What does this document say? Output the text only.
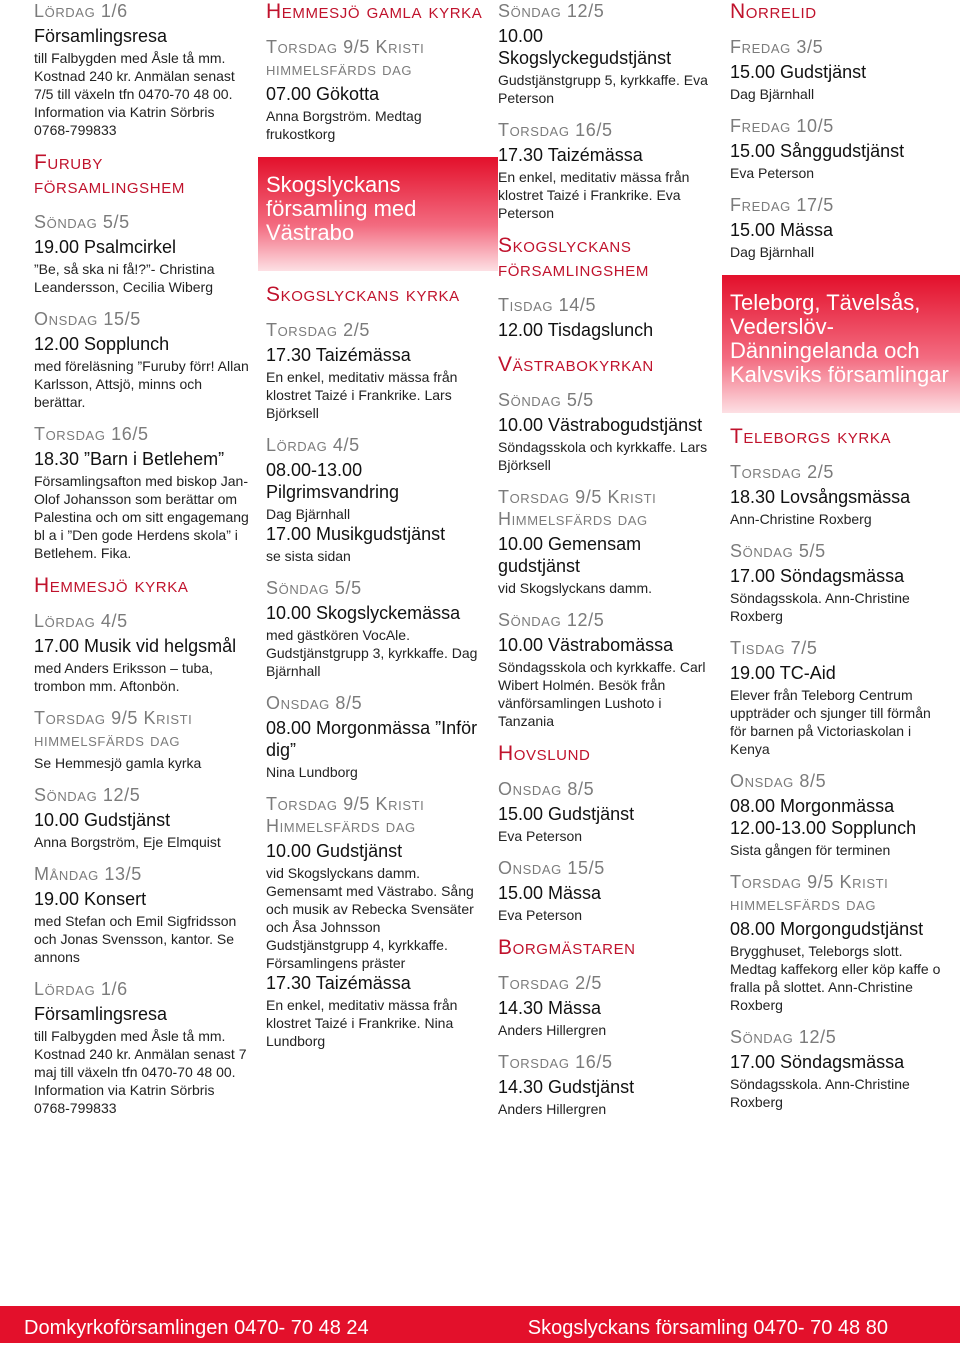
Lördag 1/6
Församlingsresa
till Falbygden med Åsle tå mm. Kostnad 240 kr. Anmälan senast 7/5 till växeln tfn 0470-70 48 00. Information via Katrin Sörbris 0768-799833
Furuby församlingshem
Söndag 5/5
19.00 Psalmcirkel
”Be, så ska ni få!?”- Christina Leandersson, Cecilia Wiberg
Onsdag 15/5
12.00 Sopplunch
med föreläsning ”Furuby förr! Allan Karlsson, Attsjö, minns och berättar.
Torsdag 16/5
18.30 ”Barn i Betlehem”
Församlingsafton med biskop Jan-Olof Johansson som berättar om Palestina och om sitt engagemang bl a i ”Den gode Herdens skola” i Betlehem. Fika.
Hemmesjö kyrka
Lördag 4/5
17.00 Musik vid helgsmål
med Anders Eriksson – tuba, trombon mm. Aftonbön.
Torsdag 9/5 Kristi himmelsfärds dag
Se Hemmesjö gamla kyrka
Söndag 12/5
10.00 Gudstjänst
Anna Borgström, Eje Elmquist
Måndag 13/5
19.00 Konsert
med Stefan och Emil Sigfridsson och Jonas Svensson, kantor. Se annons
Lördag 1/6
Församlingsresa
till Falbygden med Åsle tå mm. Kostnad 240 kr. Anmälan senast 7 maj till växeln tfn 0470-70 48 00. Information via Katrin Sörbris 0768-799833
Hemmesjö gamla kyrka
Torsdag 9/5 Kristi himmelsfärds dag
07.00 Gökotta
Anna Borgström. Medtag frukostkorg
Skogslyckans församling med Västrabo
Skogslyckans kyrka
Torsdag 2/5
17.30 Taizémässa
En enkel, meditativ mässa från klostret Taizé i Frankrike. Lars Björksell
Lördag 4/5
08.00-13.00 Pilgrimsvandring
Dag Bjärnhall
17.00 Musikgudstjänst
se sista sidan
Söndag 5/5
10.00 Skogslyckemässa
med gästkören VocAle. Gudstjänstgrupp 3, kyrkkaffe. Dag Bjärnhall
Onsdag 8/5
08.00 Morgonmässa ”Inför dig”
Nina Lundborg
Torsdag 9/5 Kristi Himmelsfärds dag
10.00 Gudstjänst
vid Skogslyckans damm. Gemensamt med Västrabo. Sång och musik av Rebecka Svensäter och Åsa Johnsson Gudstjänstgrupp 4, kyrkkaffe. Församlingens präster
17.30 Taizémässa
En enkel, meditativ mässa från klostret Taizé i Frankrike. Nina Lundborg
Söndag 12/5
10.00 Skogslyckegudstjänst
Gudstjänstgrupp 5, kyrkkaffe. Eva Peterson
Torsdag 16/5
17.30 Taizémässa
En enkel, meditativ mässa från klostret Taizé i Frankrike. Eva Peterson
Skogslyckans församlingshem
Tisdag 14/5
12.00 Tisdagslunch
Västrabokyrkan
Söndag 5/5
10.00 Västrabogudstjänst
Söndagsskola och kyrkkaffe. Lars Björksell
Torsdag 9/5 Kristi Himmelsfärds dag
10.00 Gemensam gudstjänst
vid Skogslyckans damm.
Söndag 12/5
10.00 Västrabomässa
Söndagsskola och kyrkkaffe. Carl Wibert Holmén. Besök från vänförsamlingen Lushoto i Tanzania
Hovslund
Onsdag 8/5
15.00 Gudstjänst
Eva Peterson
Onsdag 15/5
15.00 Mässa
Eva Peterson
Borgmästaren
Torsdag 2/5
14.30 Mässa
Anders Hillergren
Torsdag 16/5
14.30 Gudstjänst
Anders Hillergren
Norrelid
Fredag 3/5
15.00 Gudstjänst
Dag Bjärnhall
Fredag 10/5
15.00 Sånggudstjänst
Eva Peterson
Fredag 17/5
15.00 Mässa
Dag Bjärnhall
Teleborg, Tävelsås, Vederslöv-Dänningelanda och Kalvsviks församlingar
Teleborgs kyrka
Torsdag 2/5
18.30 Lovsångsmässa
Ann-Christine Roxberg
Söndag 5/5
17.00 Söndagsmässa
Söndagsskola. Ann-Christine Roxberg
Tisdag 7/5
19.00 TC-Aid
Elever från Teleborg Centrum uppträder och sjunger till förmån för barnen på Victoriaskolan i Kenya
Onsdag 8/5
08.00 Morgonmässa
12.00-13.00 Sopplunch
Sista gången för terminen
Torsdag 9/5 Kristi himmelsfärds dag
08.00 Morgongudstjänst
Brygghuset, Teleborgs slott. Medtag kaffekorg eller köp kaffe o fralla på slottet. Ann-Christine Roxberg
Söndag 12/5
17.00 Söndagsmässa
Söndagsskola. Ann-Christine Roxberg
Domkyrkoförsamlingen 0470- 70 48 24	Skogslyckans församling 0470- 70 48 80
